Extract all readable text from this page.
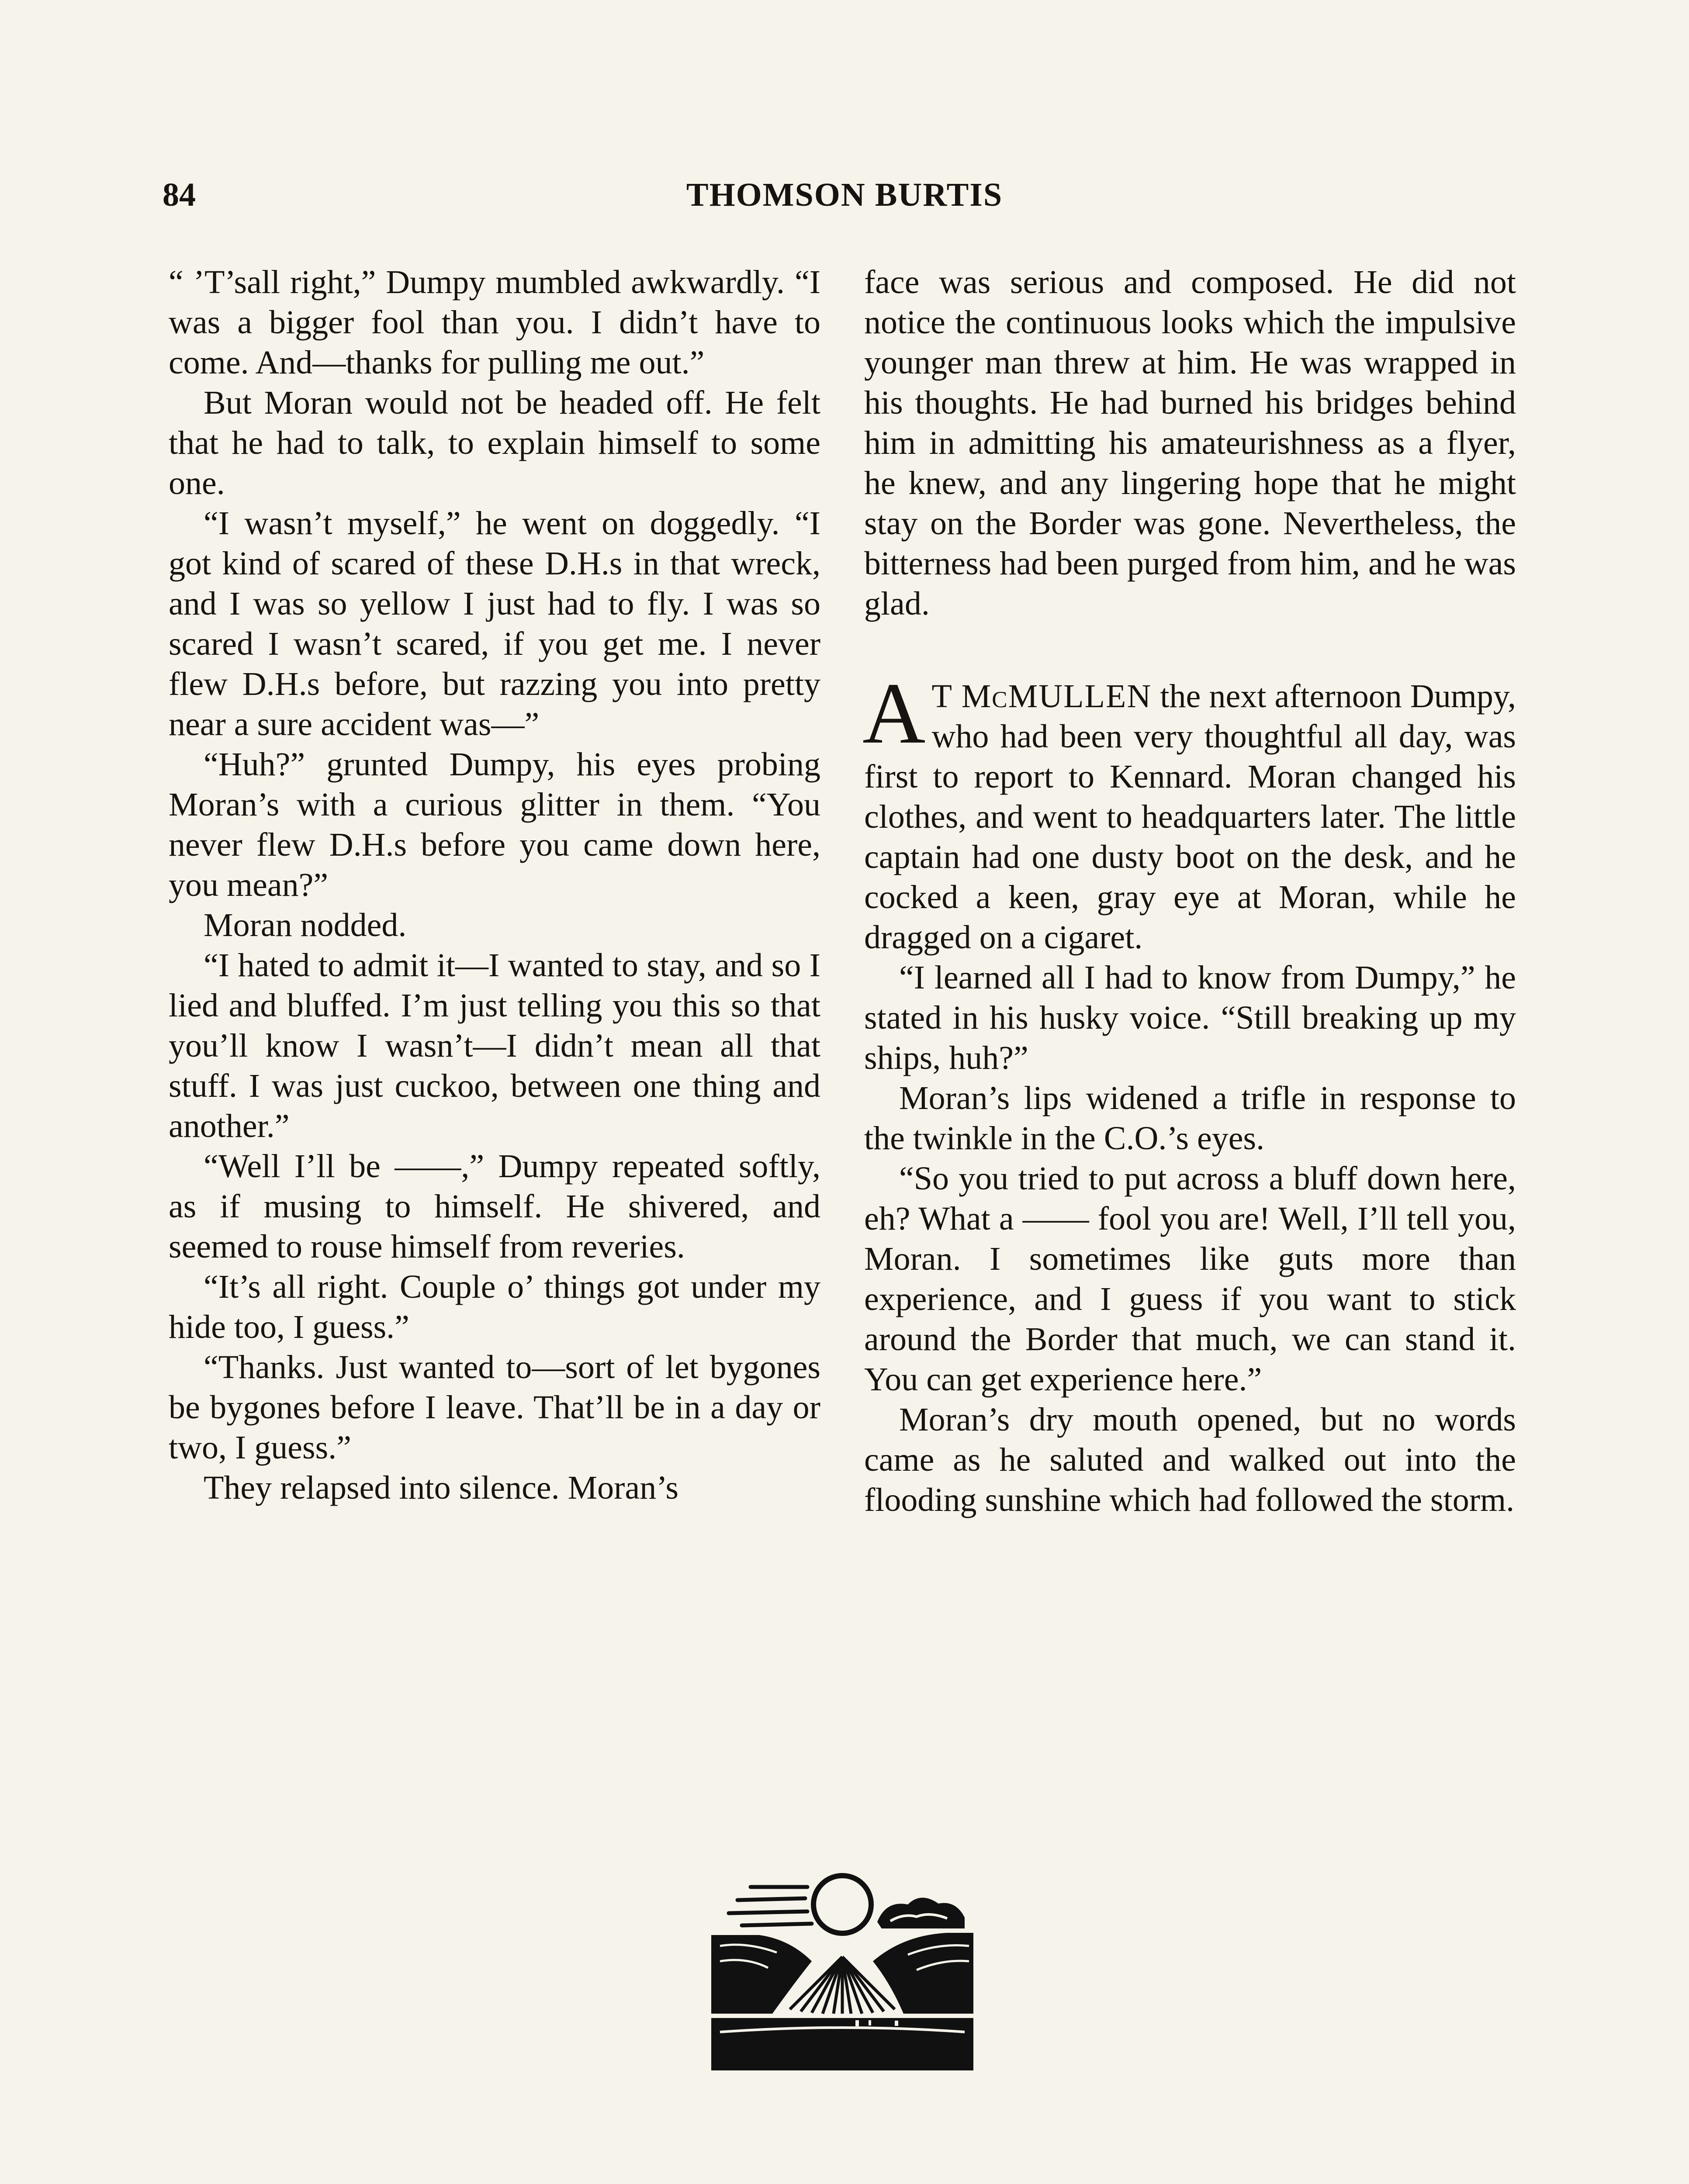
84	THOMSON BURTIS

“ ’T’sall right,” Dumpy mumbled awkwardly. “I was a bigger fool than you. I didn’t have to come. And—thanks for pulling me out.”

But Moran would not be headed off. He felt that he had to talk, to explain himself to some one.

“I wasn’t myself,” he went on doggedly. “I got kind of scared of these D.H.s in that wreck, and I was so yellow I just had to fly. I was so scared I wasn’t scared, if you get me. I never flew D.H.s before, but razzing you into pretty near a sure accident was—”

“Huh?” grunted Dumpy, his eyes probing Moran’s with a curious glitter in them. “You never flew D.H.s before you came down here, you mean?”

Moran nodded.

“I hated to admit it—I wanted to stay, and so I lied and bluffed. I’m just telling you this so that you’ll know I wasn’t—I didn’t mean all that stuff. I was just cuckoo, between one thing and another.”

“Well I’ll be ——,” Dumpy repeated softly, as if musing to himself. He shivered, and seemed to rouse himself from reveries.

“It’s all right. Couple o’ things got under my hide too, I guess.”

“Thanks. Just wanted to—sort of let bygones be bygones before I leave. That’ll be in a day or two, I guess.”

They relapsed into silence. Moran’s

face was serious and composed. He did not notice the continuous looks which the impulsive younger man threw at him. He was wrapped in his thoughts. He had burned his bridges behind him in admitting his amateurishness as a flyer, he knew, and any lingering hope that he might stay on the Border was gone. Nevertheless, the bitterness had been purged from him, and he was glad.

A T McMULLEN the next afternoon Dumpy, who had been very thoughtful all day, was first to report to Kennard. Moran changed his clothes, and went to headquarters later. The little captain had one dusty boot on the desk, and he cocked a keen, gray eye at Moran, while he dragged on a cigaret.

“I learned all I had to know from Dumpy,” he stated in his husky voice. “Still breaking up my ships, huh?”

Moran’s lips widened a trifle in response to the twinkle in the C.O.’s eyes.

“So you tried to put across a bluff down here, eh? What a —— fool you are! Well, I’ll tell you, Moran. I sometimes like guts more than experience, and I guess if you want to stick around the Border that much, we can stand it. You can get experience here.”

Moran’s dry mouth opened, but no words came as he saluted and walked out into the flooding sunshine which had followed the storm.
